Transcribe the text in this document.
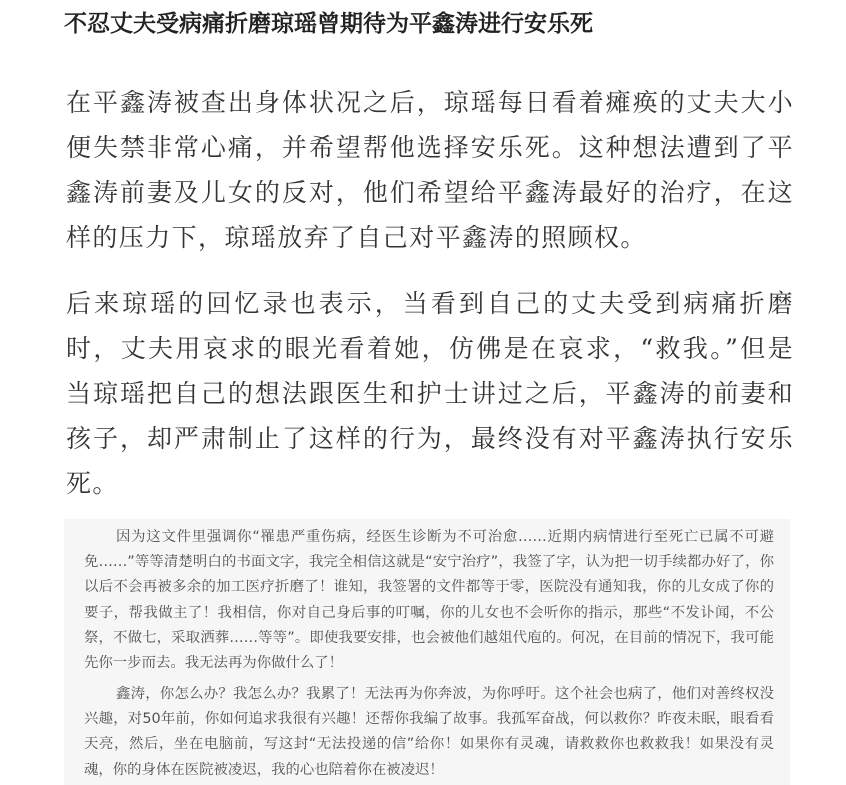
不忍丈夫受病痛折磨琼瑶曾期待为平鑫涛进行安乐死

在平鑫涛被查出身体状况之后，琼瑶每日看着瘫痪的丈夫大小便失禁非常心痛，并希望帮他选择安乐死。这种想法遭到了平鑫涛前妻及儿女的反对，他们希望给平鑫涛最好的治疗，在这样的压力下，琼瑶放弃了自己对平鑫涛的照顾权。

后来琼瑶的回忆录也表示，当看到自己的丈夫受到病痛折磨时，丈夫用哀求的眼光看着她，仿佛是在哀求，“救我。”但是当琼瑶把自己的想法跟医生和护士讲过之后，平鑫涛的前妻和孩子，却严肃制止了这样的行为，最终没有对平鑫涛执行安乐死。

因为这文件里强调你“罹患严重伤病，经医生诊断为不可治愈……近期内病情进行至死亡已属不可避免……”等等清楚明白的书面文字，我完全相信这就是“安宁治疗”，我签了字，认为把一切手续都办好了，你以后不会再被多余的加工医疗折磨了！谁知，我签署的文件都等于零，医院没有通知我，你的儿女成了你的要子，帮我做主了！我相信，你对自己身后事的叮嘱，你的儿女也不会听你的指示，那些“不发讣闻，不公祭，不做七，采取洒葬……等等”。即使我要安排，也会被他们越俎代庖的。何况，在目前的情况下，我可能先你一步而去。我无法再为你做什么了！

鑫涛，你怎么办？我怎么办？我累了！无法再为你奔波，为你呼吁。这个社会也病了，他们对善终权没兴趣，对50年前，你如何追求我很有兴趣！还帮你我编了故事。我孤军奋战，何以救你？昨夜未眠，眼看看天亮，然后，坐在电脑前，写这封“无法投递的信”给你！如果你有灵魂，请救救你也救救我！如果没有灵魂，你的身体在医院被凌迟，我的心也陪着你在被凌迟！
